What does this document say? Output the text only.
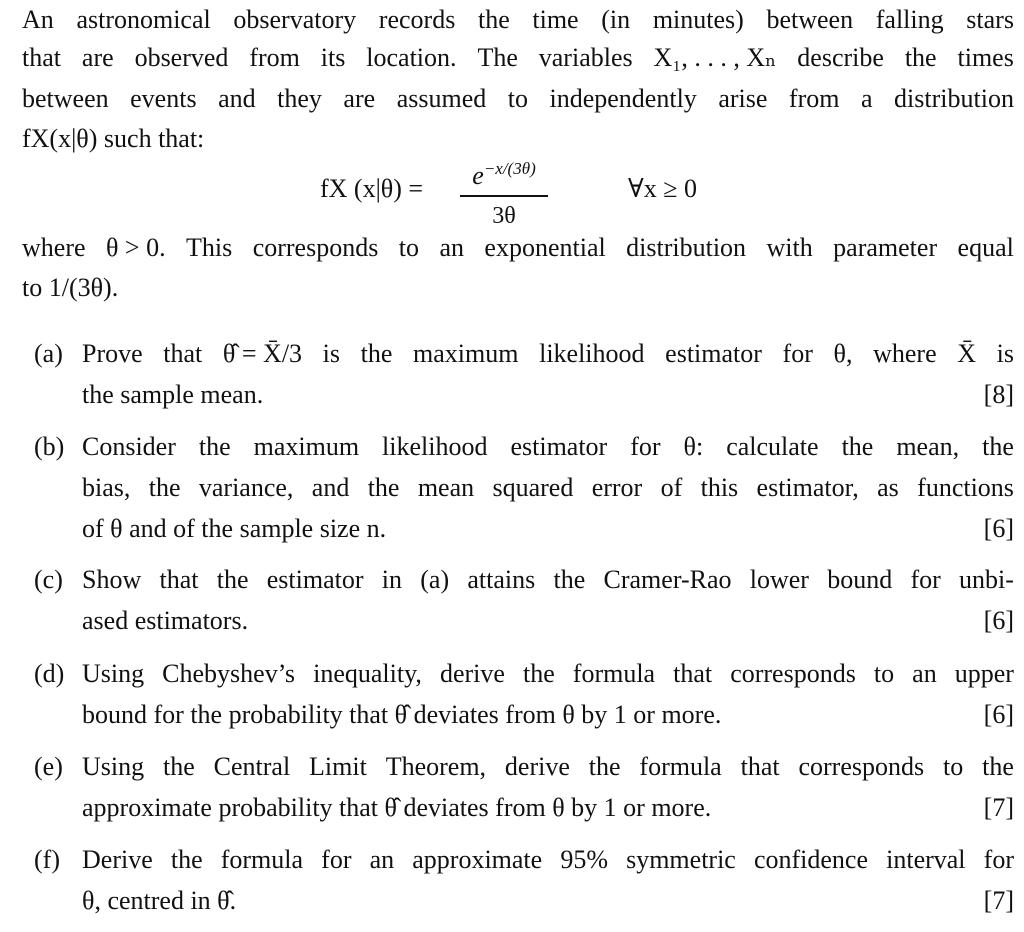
An astronomical observatory records the time (in minutes) between falling stars
that are observed from its location. The variables X₁, . . . , Xₙ describe the times
between events and they are assumed to independently arise from a distribution
fX(x|θ) such that:
fX (x|θ) =	$e^{-x/(3\theta)}$
3θ
∀x ≥ 0
where θ > 0. This corresponds to an exponential distribution with parameter equal
to 1/(3θ).
(a) Prove that θ̂ = X̄/3 is the maximum likelihood estimator for θ, where X̄ is
the sample mean.	[8]
(b) Consider the maximum likelihood estimator for θ: calculate the mean, the
bias, the variance, and the mean squared error of this estimator, as functions
of θ and of the sample size n.	[6]
(c) Show that the estimator in (a) attains the Cramer-Rao lower bound for unbi-
ased estimators.	[6]
(d) Using Chebyshev’s inequality, derive the formula that corresponds to an upper
bound for the probability that θ̂ deviates from θ by 1 or more.	[6]
(e) Using the Central Limit Theorem, derive the formula that corresponds to the
approximate probability that θ̂ deviates from θ by 1 or more.	[7]
(f) Derive the formula for an approximate 95% symmetric confidence interval for
θ, centred in θ̂.	[7]
